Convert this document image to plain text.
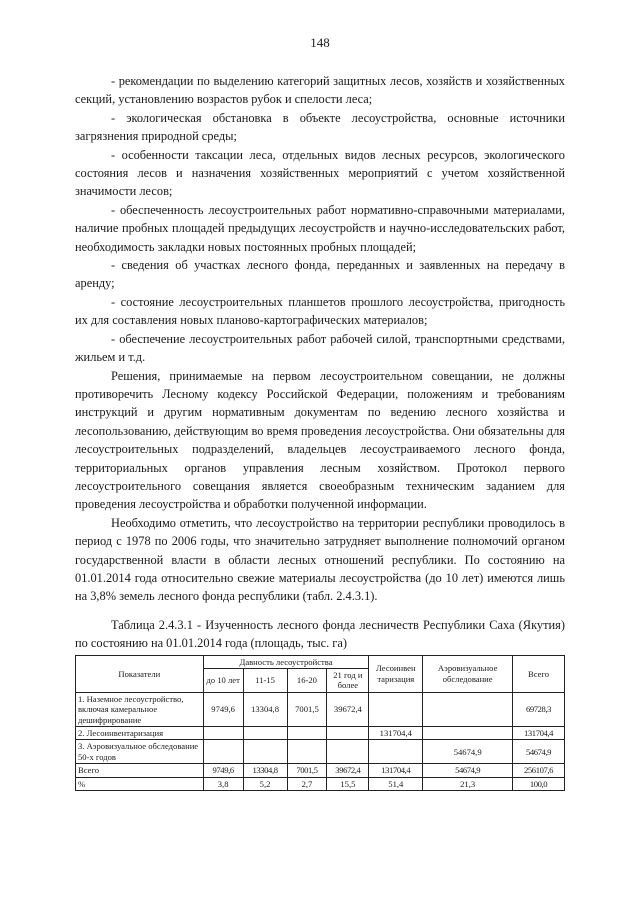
148

- рекомендации по выделению категорий защитных лесов, хозяйств и хозяйственных секций, установлению возрастов рубок и спелости леса;

- экологическая обстановка в объекте лесоустройства, основные источники загрязнения природной среды;

- особенности таксации леса, отдельных видов лесных ресурсов, экологического состояния лесов и назначения хозяйственных мероприятий с учетом хозяйственной значимости лесов;

- обеспеченность лесоустроительных работ нормативно-справочными материалами, наличие пробных площадей предыдущих лесоустройств и научно-исследовательских работ, необходимость закладки новых постоянных пробных площадей;

- сведения об участках лесного фонда, переданных и заявленных на передачу в аренду;

- состояние лесоустроительных планшетов прошлого лесоустройства, пригодность их для составления новых планово-картографических материалов;

- обеспечение лесоустроительных работ рабочей силой, транспортными средствами, жильем и т.д.

Решения, принимаемые на первом лесоустроительном совещании, не должны противоречить Лесному кодексу Российской Федерации, положениям и требованиям инструкций и другим нормативным документам по ведению лесного хозяйства и лесопользованию, действующим во время проведения лесоустройства. Они обязательны для лесоустроительных подразделений, владельцев лесоустраиваемого лесного фонда, территориальных органов управления лесным хозяйством. Протокол первого лесоустроительного совещания является своеобразным техническим заданием для проведения лесоустройства и обработки полученной информации.

Необходимо отметить, что лесоустройство на территории республики проводилось в период с 1978 по 2006 годы, что значительно затрудняет выполнение полномочий органом государственной власти в области лесных отношений республики. По состоянию на 01.01.2014 года относительно свежие материалы лесоустройства (до 10 лет) имеются лишь на 3,8% земель лесного фонда республики (табл. 2.4.3.1).

Таблица 2.4.3.1 - Изученность лесного фонда лесничеств Республики Саха (Якутия) по состоянию на 01.01.2014 года (площадь, тыс. га)

Показатели	Давность лесоустройства				Лесоинвен таризация	Аэровизуальное обследование	Всего
	до 10 лет	11-15	16-20	21 год и более			
1. Наземное лесоустройство, включая камеральное дешифрирование	9749,6	13304,8	7001,5	39672,4			69728,3
2. Лесоинвентаризация					131704,4		131704,4
3. Аэровизуальное обследование 50-х годов						54674,9	54674,9
Всего	9749,6	13304,8	7001,5	39672,4	131704,4	54674,9	256107,6
%	3,8	5,2	2,7	15,5	51,4	21,3	100,0
